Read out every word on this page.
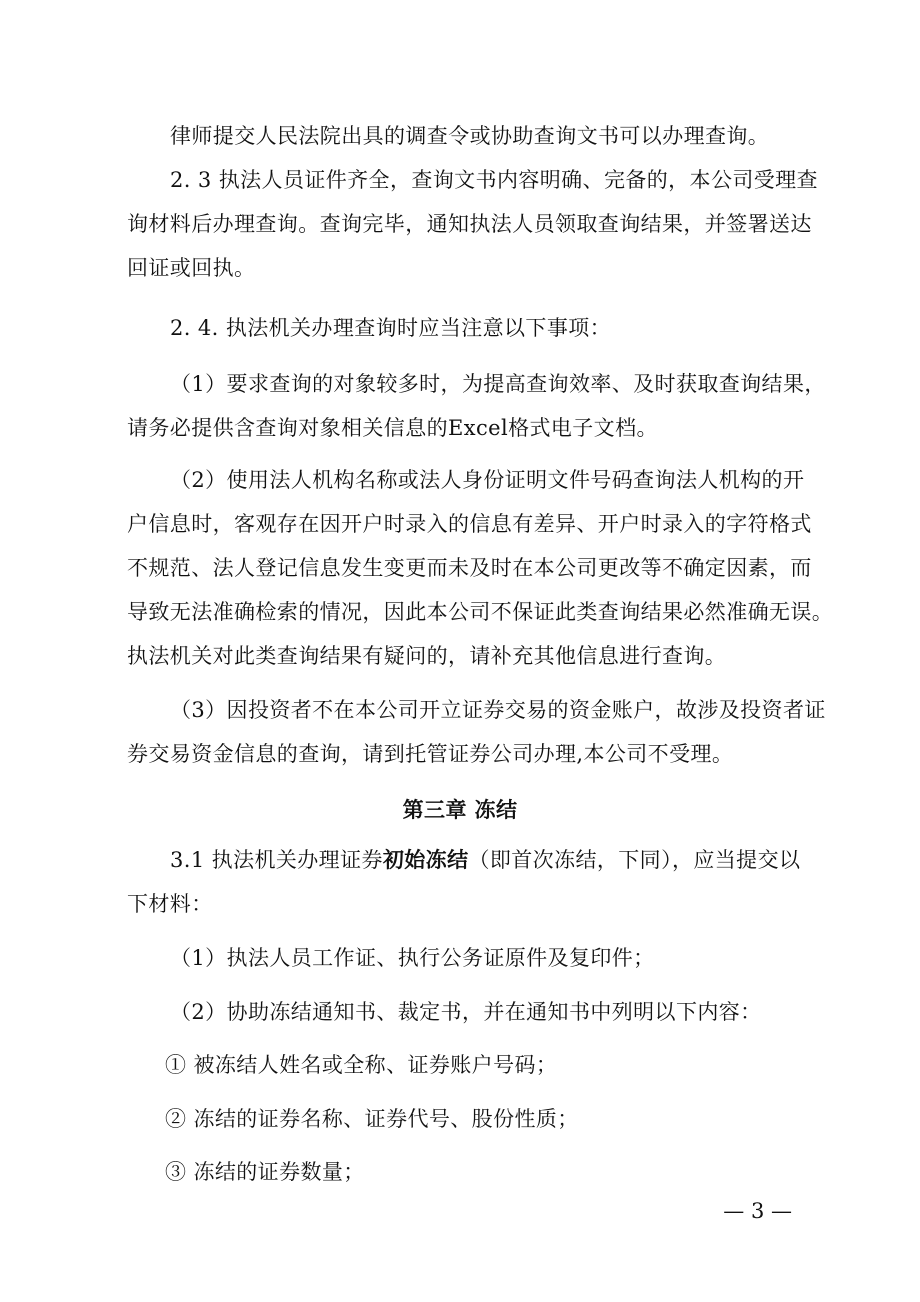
律师提交人民法院出具的调查令或协助查询文书可以办理查询。

2. 3 执法人员证件齐全，查询文书内容明确、完备的，本公司受理查
询材料后办理查询。查询完毕，通知执法人员领取查询结果，并签署送达
回证或回执。

2. 4. 执法机关办理查询时应当注意以下事项：

（1）要求查询的对象较多时，为提高查询效率、及时获取查询结果，
请务必提供含查询对象相关信息的Excel格式电子文档。

（2）使用法人机构名称或法人身份证明文件号码查询法人机构的开
户信息时，客观存在因开户时录入的信息有差异、开户时录入的字符格式
不规范、法人登记信息发生变更而未及时在本公司更改等不确定因素，而
导致无法准确检索的情况，因此本公司不保证此类查询结果必然准确无误。
执法机关对此类查询结果有疑问的，请补充其他信息进行查询。

（3）因投资者不在本公司开立证券交易的资金账户，故涉及投资者证
券交易资金信息的查询，请到托管证券公司办理,本公司不受理。

第三章 冻结

3.1 执法机关办理证券初始冻结（即首次冻结，下同），应当提交以
下材料：

（1）执法人员工作证、执行公务证原件及复印件；

（2）协助冻结通知书、裁定书，并在通知书中列明以下内容：

① 被冻结人姓名或全称、证券账户号码；

② 冻结的证券名称、证券代号、股份性质；

③ 冻结的证券数量；

— 3 —
